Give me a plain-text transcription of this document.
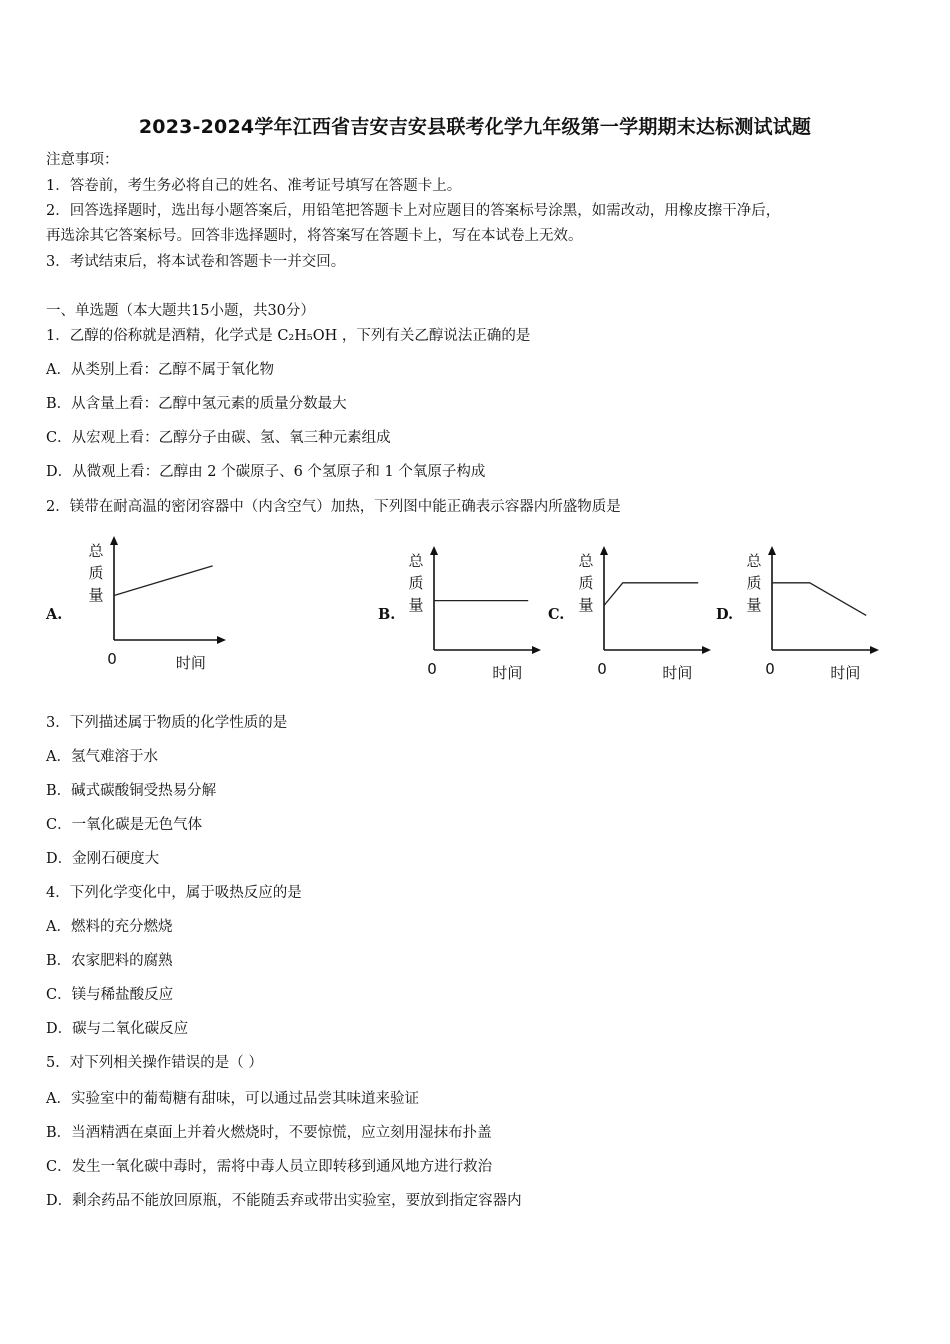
2023-2024学年江西省吉安吉安县联考化学九年级第一学期期末达标测试试题
注意事项：
1．答卷前，考生务必将自己的姓名、准考证号填写在答题卡上。
2．回答选择题时，选出每小题答案后，用铅笔把答题卡上对应题目的答案标号涂黑，如需改动，用橡皮擦干净后，
再选涂其它答案标号。回答非选择题时，将答案写在答题卡上，写在本试卷上无效。
3．考试结束后，将本试卷和答题卡一并交回。
一、单选题（本大题共15小题，共30分）
1．乙醇的俗称就是酒精，化学式是 C₂H₅OH ，下列有关乙醇说法正确的是
A．从类别上看：乙醇不属于氧化物
B．从含量上看：乙醇中氢元素的质量分数最大
C．从宏观上看：乙醇分子由碳、氢、氧三种元素组成
D．从微观上看：乙醇由 2 个碳原子、6 个氢原子和 1 个氧原子构成
2．镁带在耐高温的密闭容器中（内含空气）加热，下列图中能正确表示容器内所盛物质是
A.	B.	C.	D.
总
质
量
0	时间
总
质
量
0	时间
总
质
量
0	时间
总
质
量
0	时间
3．下列描述属于物质的化学性质的是
A．氢气难溶于水
B．碱式碳酸铜受热易分解
C．一氧化碳是无色气体
D．金刚石硬度大
4．下列化学变化中，属于吸热反应的是
A．燃料的充分燃烧
B．农家肥料的腐熟
C．镁与稀盐酸反应
D．碳与二氧化碳反应
5．对下列相关操作错误的是（ ）
A．实验室中的葡萄糖有甜味，可以通过品尝其味道来验证
B．当酒精洒在桌面上并着火燃烧时，不要惊慌，应立刻用湿抹布扑盖
C．发生一氧化碳中毒时，需将中毒人员立即转移到通风地方进行救治
D．剩余药品不能放回原瓶，不能随丢弃或带出实验室，要放到指定容器内
